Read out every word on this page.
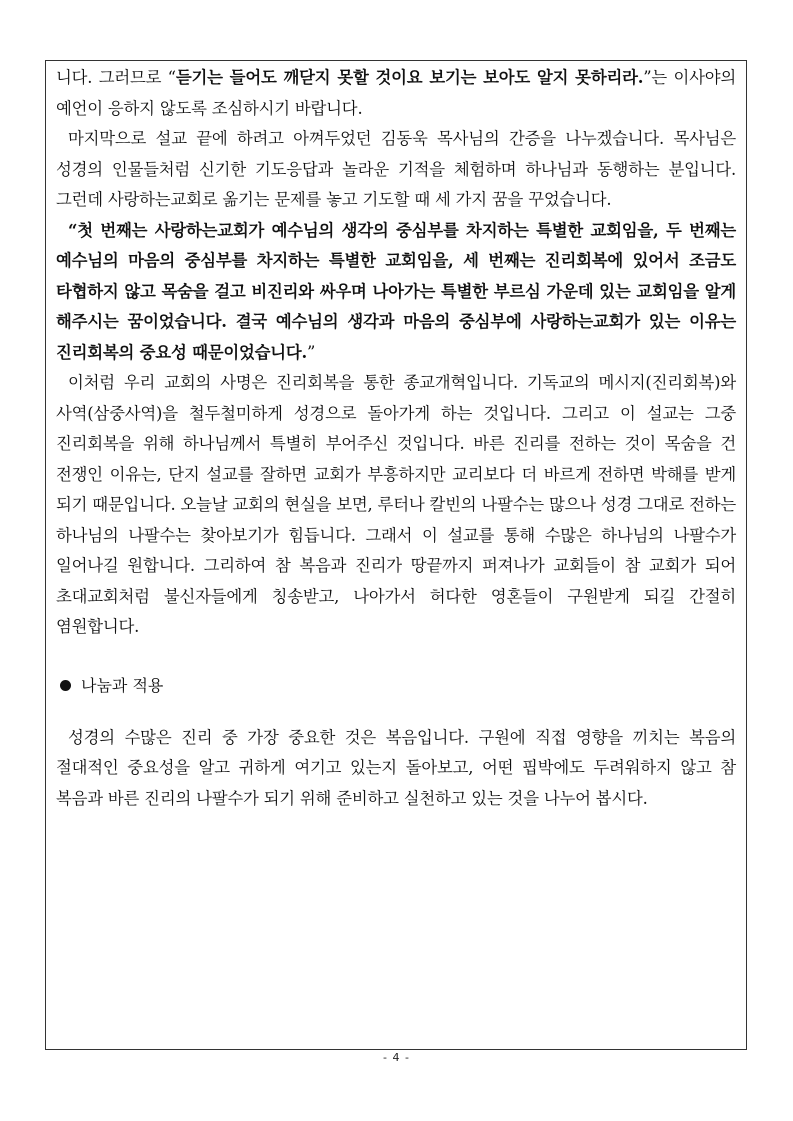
니다. 그러므로 “듣기는 들어도 깨닫지 못할 것이요 보기는 보아도 알지 못하리라.”는 이사야의 예언이 응하지 않도록 조심하시기 바랍니다.

마지막으로 설교 끝에 하려고 아껴두었던 김동욱 목사님의 간증을 나누겠습니다. 목사님은 성경의 인물들처럼 신기한 기도응답과 놀라운 기적을 체험하며 하나님과 동행하는 분입니다. 그런데 사랑하는교회로 옮기는 문제를 놓고 기도할 때 세 가지 꿈을 꾸었습니다.

“첫 번째는 사랑하는교회가 예수님의 생각의 중심부를 차지하는 특별한 교회임을, 두 번째는 예수님의 마음의 중심부를 차지하는 특별한 교회임을, 세 번째는 진리회복에 있어서 조금도 타협하지 않고 목숨을 걸고 비진리와 싸우며 나아가는 특별한 부르심 가운데 있는 교회임을 알게 해주시는 꿈이었습니다. 결국 예수님의 생각과 마음의 중심부에 사랑하는교회가 있는 이유는 진리회복의 중요성 때문이었습니다.”

이처럼 우리 교회의 사명은 진리회복을 통한 종교개혁입니다. 기독교의 메시지(진리회복)와 사역(삼중사역)을 철두철미하게 성경으로 돌아가게 하는 것입니다. 그리고 이 설교는 그중 진리회복을 위해 하나님께서 특별히 부어주신 것입니다. 바른 진리를 전하는 것이 목숨을 건 전쟁인 이유는, 단지 설교를 잘하면 교회가 부흥하지만 교리보다 더 바르게 전하면 박해를 받게 되기 때문입니다. 오늘날 교회의 현실을 보면, 루터나 칼빈의 나팔수는 많으나 성경 그대로 전하는 하나님의 나팔수는 찾아보기가 힘듭니다. 그래서 이 설교를 통해 수많은 하나님의 나팔수가 일어나길 원합니다. 그리하여 참 복음과 진리가 땅끝까지 퍼져나가 교회들이 참 교회가 되어 초대교회처럼 불신자들에게 칭송받고, 나아가서 허다한 영혼들이 구원받게 되길 간절히 염원합니다.

나눔과 적용

성경의 수많은 진리 중 가장 중요한 것은 복음입니다. 구원에 직접 영향을 끼치는 복음의 절대적인 중요성을 알고 귀하게 여기고 있는지 돌아보고, 어떤 핍박에도 두려워하지 않고 참 복음과 바른 진리의 나팔수가 되기 위해 준비하고 실천하고 있는 것을 나누어 봅시다.

- 4 -
